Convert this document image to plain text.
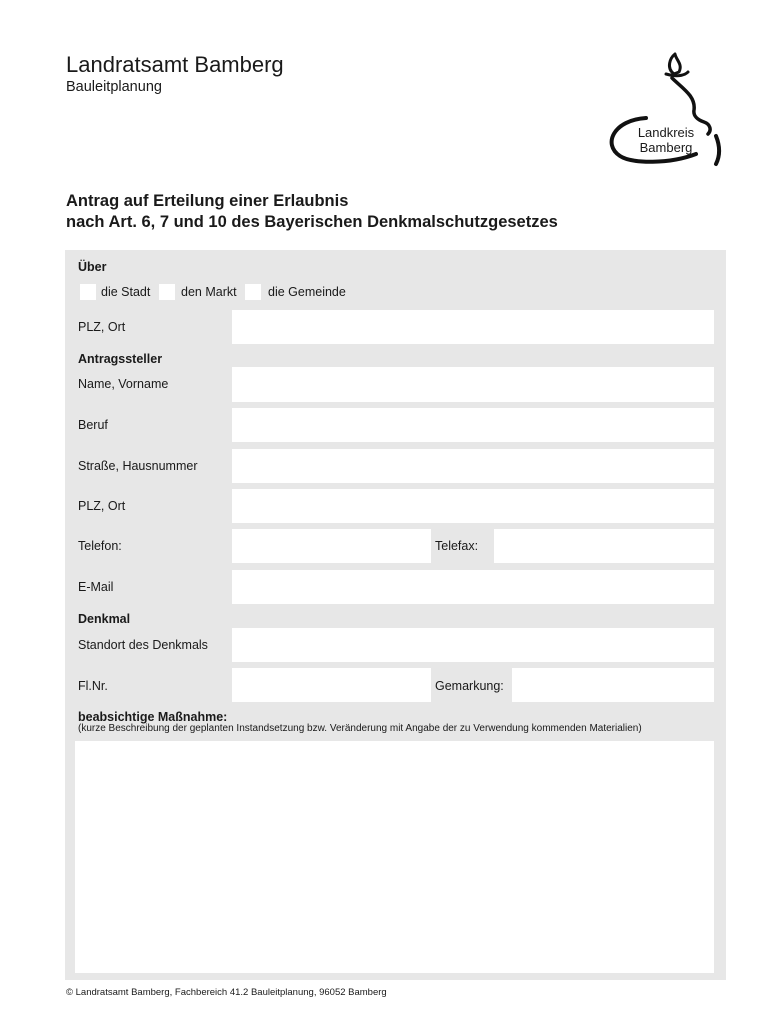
Landratsamt Bamberg
Bauleitplanung
Landkreis
Bamberg
Antrag auf Erteilung einer Erlaubnis
nach Art. 6, 7 und 10 des Bayerischen Denkmalschutzgesetzes
Über
die Stadt den Markt	die Gemeinde
PLZ, Ort
Antragssteller
Name, Vorname
Beruf
Straße, Hausnummer
PLZ, Ort
Telefon:	Telefax:
E-Mail
Denkmal
Standort des Denkmals
Fl.Nr.	Gemarkung:
beabsichtige Maßnahme:
(kurze Beschreibung der geplanten Instandsetzung bzw. Veränderung mit Angabe der zu Verwendung kommenden Materialien)
© Landratsamt Bamberg, Fachbereich 41.2 Bauleitplanung, 96052 Bamberg
